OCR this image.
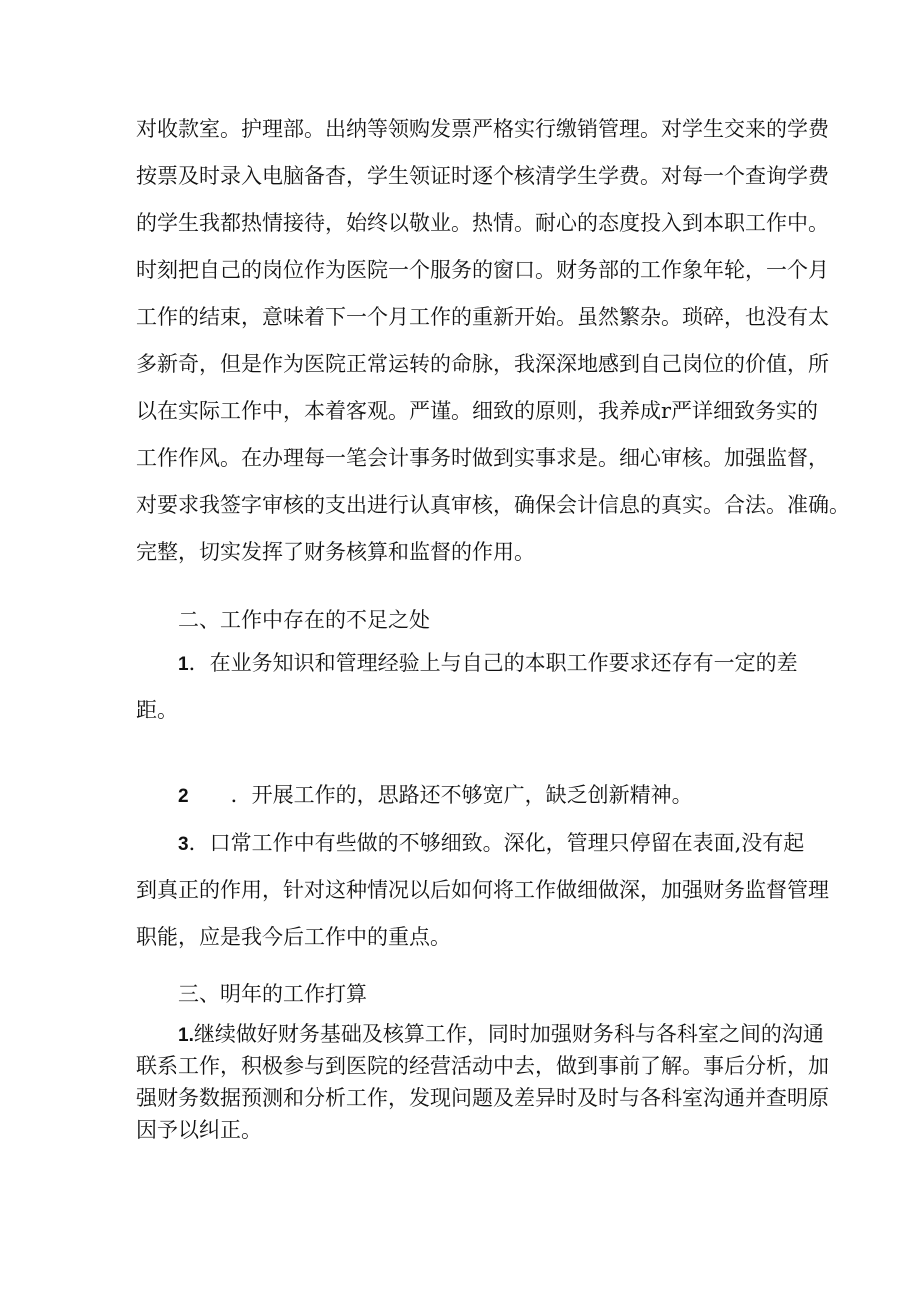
对收款室。护理部。出纳等领购发票严格实行缴销管理。对学生交来的学费
按票及时录入电脑备杳，学生领证时逐个核清学生学费。对每一个查询学费
的学生我都热情接待，始终以敬业。热情。耐心的态度投入到本职工作中。
时刻把自己的岗位作为医院一个服务的窗口。财务部的工作象年轮，一个月
工作的结束，意味着下一个月工作的重新开始。虽然繁杂。琐碎，也没有太
多新奇，但是作为医院正常运转的命脉，我深深地感到自己岗位的价值，所
以在实际工作中，本着客观。严谨。细致的原则，我养成r严详细致务实的
工作作风。在办理每一笔会计事务时做到实事求是。细心审核。加强监督，
对要求我签字审核的支出进行认真审核，确保会计信息的真实。合法。准确。
完整，切实发挥了财务核算和监督的作用。
二、工作中存在的不足之处
1．在业务知识和管理经验上与自己的本职工作要求还存有一定的差
距。
2 ．开展工作的，思路还不够宽广，缺乏创新精神。
3．口常工作中有些做的不够细致。深化，管理只停留在表面,没有起
到真正的作用，针对这种情况以后如何将工作做细做深，加强财务监督管理
职能，应是我今后工作中的重点。
三、明年的工作打算
1.继续做好财务基础及核算工作，同时加强财务科与各科室之间的沟通
联系工作，积极参与到医院的经营活动中去，做到事前了解。事后分析，加
强财务数据预测和分析工作，发现问题及差异时及时与各科室沟通并查明原
因予以纠正。
